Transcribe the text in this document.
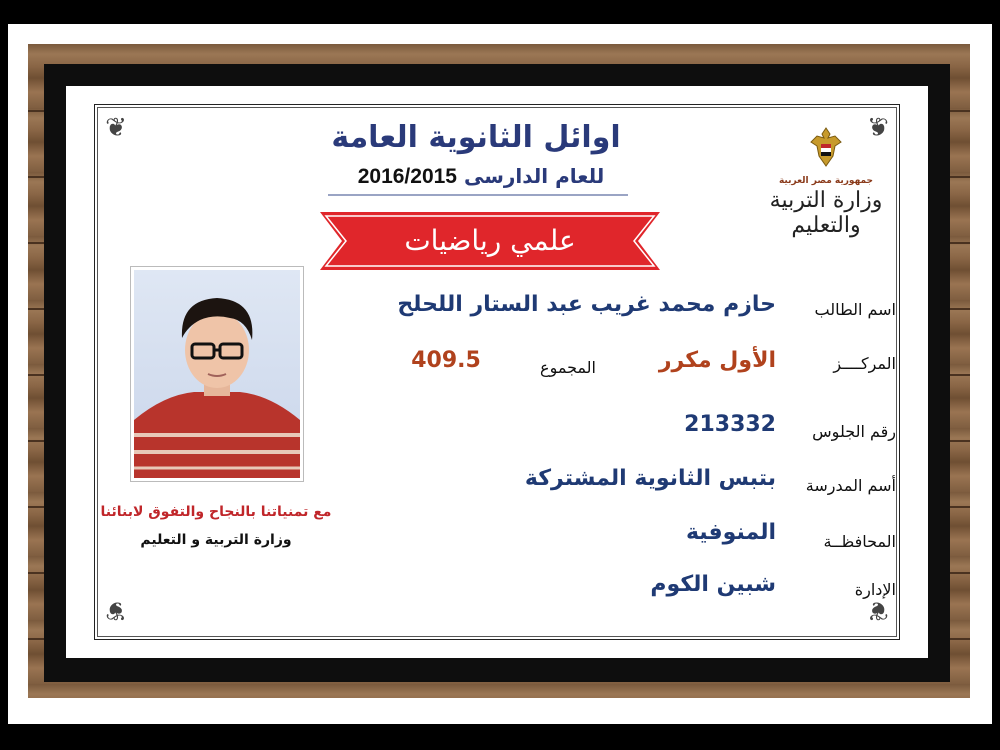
❦	❦
❦	❦
اوائل الثانوية العامة
للعام الدارسى 2016/2015
علمي رياضيات
جمهورية مصر العربية
وزارة التربية والتعليم
مع تمنياتنا بالنجاح والتفوق لابنائنا
وزارة التربية و التعليم
اسم الطالب
حازم محمد غريب عبد الستار اللحلح
المركــــز
الأول مكرر
المجموع
409.5
رقم الجلوس
213332
أسم المدرسة
بتبس الثانوية المشتركة
المحافظــة
المنوفية
الإدارة
شبين الكوم
